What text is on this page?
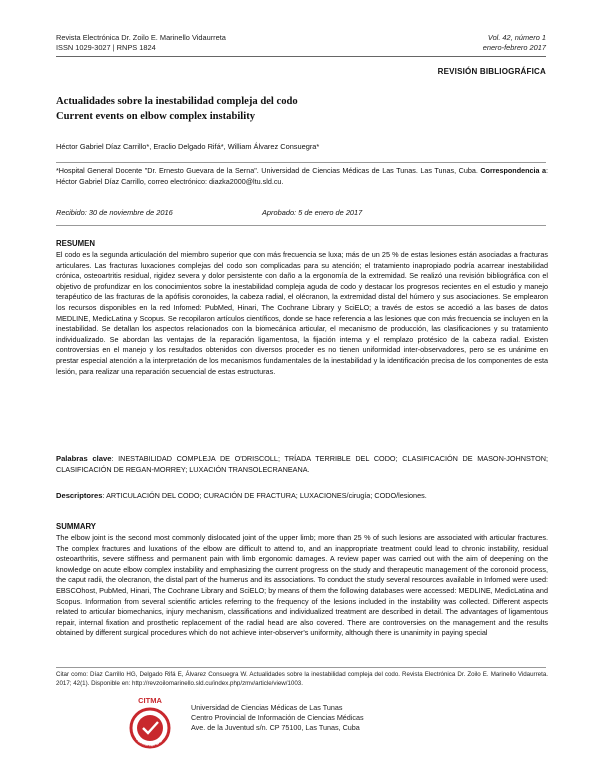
Revista Electrónica Dr. Zoilo E. Marinello Vidaurreta
ISSN 1029-3027 | RNPS 1824
Vol. 42, número 1
enero-febrero 2017
REVISIÓN BIBLIOGRÁFICA
Actualidades sobre la inestabilidad compleja del codo
Current events on elbow complex instability
Héctor Gabriel Díaz Carrillo*, Eraclio Delgado Rifá*, William Álvarez Consuegra*
*Hospital General Docente "Dr. Ernesto Guevara de la Serna". Universidad de Ciencias Médicas de Las Tunas. Las Tunas, Cuba. Correspondencia a: Héctor Gabriel Díaz Carrillo, correo electrónico: diazka2000@ltu.sld.cu.
Recibido: 30 de noviembre de 2016	Aprobado: 5 de enero de 2017
RESUMEN
El codo es la segunda articulación del miembro superior que con más frecuencia se luxa; más de un 25 % de estas lesiones están asociadas a fracturas articulares. Las fracturas luxaciones complejas del codo son complicadas para su atención; el tratamiento inapropiado podría acarrear inestabilidad crónica, osteoartritis residual, rigidez severa y dolor persistente con daño a la ergonomía de la extremidad. Se realizó una revisión bibliográfica con el objetivo de profundizar en los conocimientos sobre la inestabilidad compleja aguda de codo y destacar los progresos recientes en el estudio y manejo terapéutico de las fracturas de la apófisis coronoides, la cabeza radial, el olécranon, la extremidad distal del húmero y sus asociaciones. Se emplearon los recursos disponibles en la red Infomed: PubMed, Hinari, The Cochrane Library y SciELO; a través de estos se accedió a las bases de datos MEDLINE, MedicLatina y Scopus. Se recopilaron artículos científicos, donde se hace referencia a las lesiones que con más frecuencia se incluyen en la inestabilidad. Se detallan los aspectos relacionados con la biomecánica articular, el mecanismo de producción, las clasificaciones y su tratamiento individualizado. Se abordan las ventajas de la reparación ligamentosa, la fijación interna y el remplazo protésico de la cabeza radial. Existen controversias en el manejo y los resultados obtenidos con diversos proceder es no tienen uniformidad inter-observadores, pero se es unánime en prestar especial atención a la interpretación de los mecanismos fundamentales de la inestabilidad y la identificación precisa de los componentes de esta lesión, para realizar una reparación secuencial de estas estructuras.
Palabras clave: INESTABILIDAD COMPLEJA DE O'DRISCOLL; TRÍADA TERRIBLE DEL CODO; CLASIFICACIÓN DE MASON-JOHNSTON; CLASIFICACIÓN DE REGAN-MORREY; LUXACIÓN TRANSOLECRANEANA.
Descriptores: ARTICULACIÓN DEL CODO; CURACIÓN DE FRACTURA; LUXACIONES/cirugía; CODO/lesiones.
SUMMARY
The elbow joint is the second most commonly dislocated joint of the upper limb; more than 25 % of such lesions are associated with articular fractures. The complex fractures and luxations of the elbow are difficult to attend to, and an inappropriate treatment could lead to chronic instability, residual osteoarthritis, severe stiffness and permanent pain with limb ergonomic damages. A review paper was carried out with the aim of deepening on the knowledge on acute elbow complex instability and emphasizing the current progress on the study and therapeutic management of the coronoid process, the caput radii, the olecranon, the distal part of the humerus and its associations. To conduct the study several resources available in Infomed were used: EBSCOhost, PubMed, Hinari, The Cochrane Library and SciELO; by means of them the following databases were accessed: MEDLINE, MedicLatina and Scopus. Information from several scientific articles referring to the frequency of the lesions included in the instability was collected. Different aspects related to articular biomechanics, injury mechanism, classifications and individualized treatment are described in detail. The advantages of ligamentous repair, internal fixation and prosthetic replacement of the radial head are also covered. There are controversies on the management and the results obtained by different surgical procedures which do not achieve inter-observer's uniformity, although there is unanimity in paying special
Citar como: Díaz Carrillo HG, Delgado Rifá E, Álvarez Consuegra W. Actualidades sobre la inestabilidad compleja del codo. Revista Electrónica Dr. Zoilo E. Marinello Vidaurreta. 2017; 42(1). Disponible en: http://revzoilomarinello.sld.cu/index.php/zmv/article/view/1003.
CITMA
CERTIFICADO
Universidad de Ciencias Médicas de Las Tunas
Centro Provincial de Información de Ciencias Médicas
Ave. de la Juventud s/n. CP 75100, Las Tunas, Cuba
